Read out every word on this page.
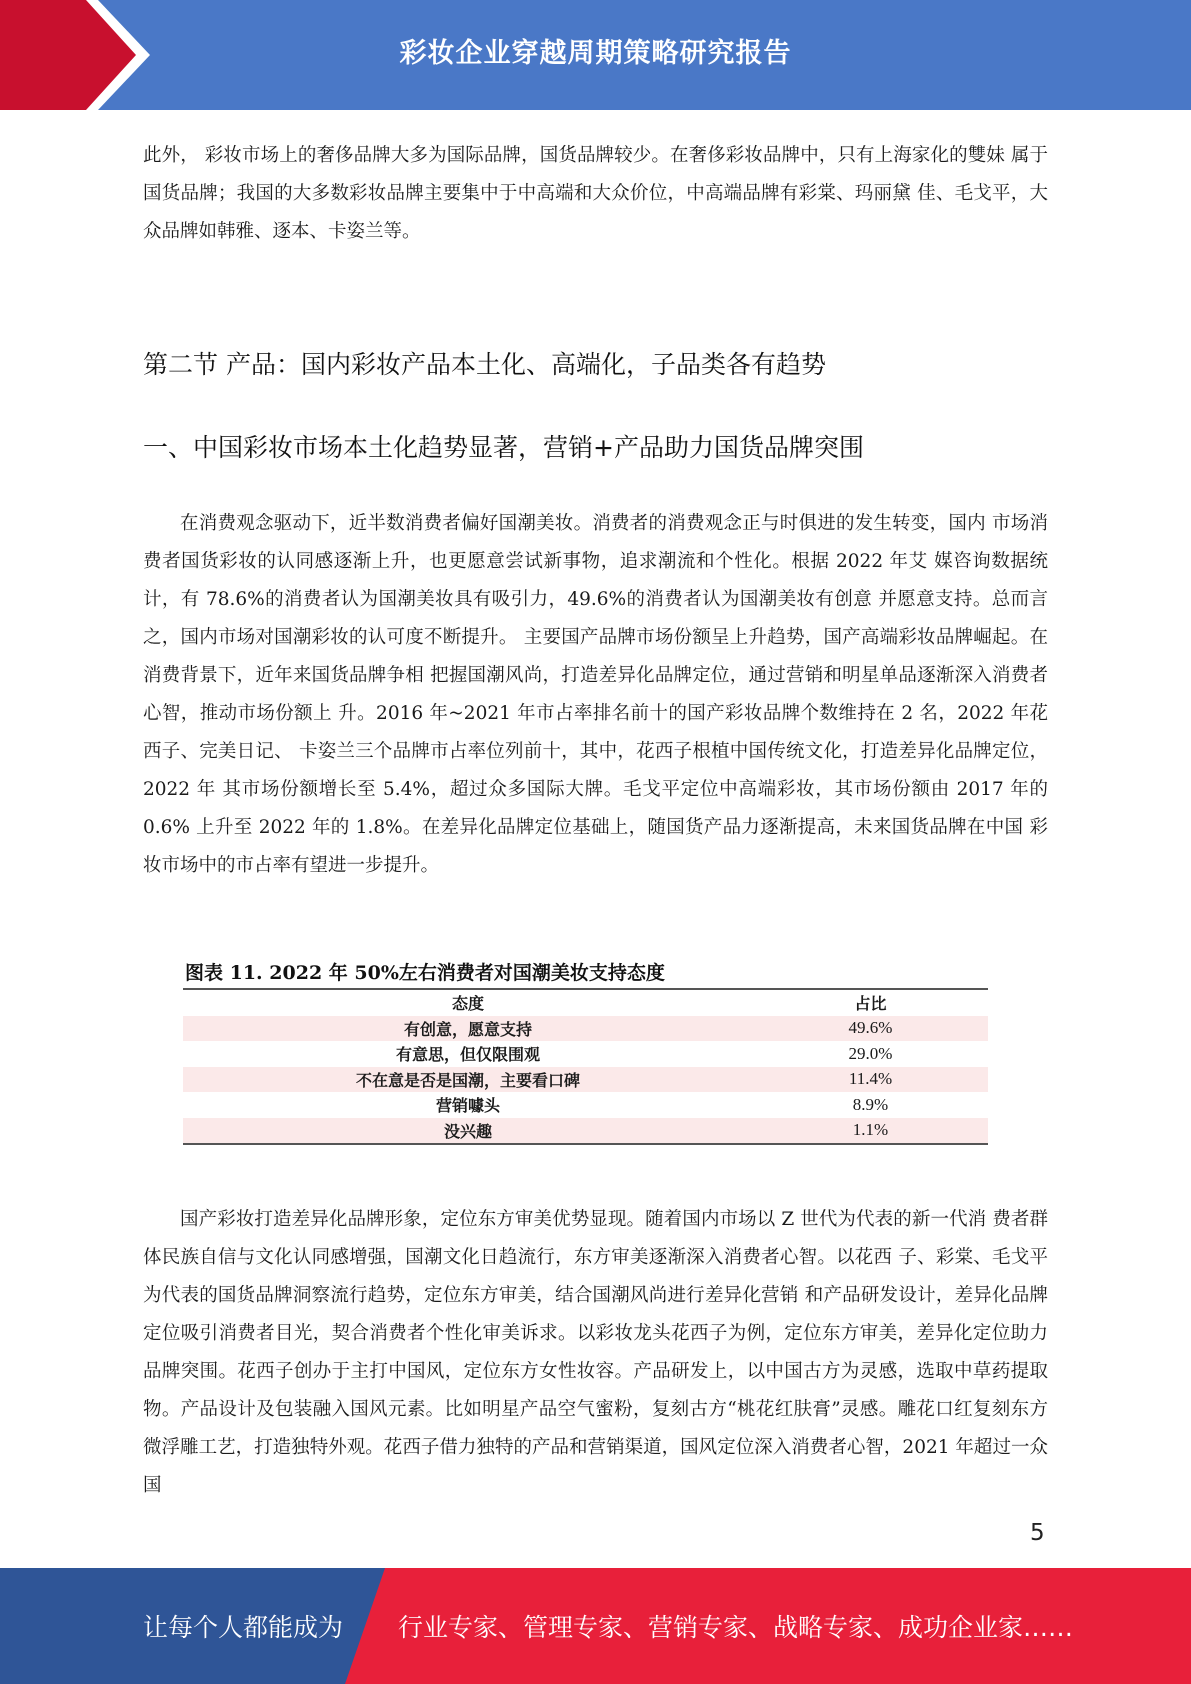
彩妆企业穿越周期策略研究报告

此外， 彩妆市场上的奢侈品牌大多为国际品牌，国货品牌较少。在奢侈彩妆品牌中，只有上海家化的雙妹 属于国货品牌；我国的大多数彩妆品牌主要集中于中高端和大众价位，中高端品牌有彩棠、玛丽黛 佳、毛戈平，大众品牌如韩雅、逐本、卡姿兰等。

第二节 产品：国内彩妆产品本土化、高端化，子品类各有趋势
一、中国彩妆市场本土化趋势显著，营销+产品助力国货品牌突围

在消费观念驱动下，近半数消费者偏好国潮美妆。消费者的消费观念正与时俱进的发生转变，国内 市场消费者国货彩妆的认同感逐渐上升，也更愿意尝试新事物，追求潮流和个性化。根据 2022 年艾 媒咨询数据统计，有 78.6%的消费者认为国潮美妆具有吸引力，49.6%的消费者认为国潮美妆有创意 并愿意支持。总而言之，国内市场对国潮彩妆的认可度不断提升。 主要国产品牌市场份额呈上升趋势，国产高端彩妆品牌崛起。在消费背景下，近年来国货品牌争相 把握国潮风尚，打造差异化品牌定位，通过营销和明星单品逐渐深入消费者心智，推动市场份额上 升。2016 年~2021 年市占率排名前十的国产彩妆品牌个数维持在 2 名，2022 年花西子、完美日记、 卡姿兰三个品牌市占率位列前十，其中，花西子根植中国传统文化，打造差异化品牌定位，2022 年 其市场份额增长至 5.4%，超过众多国际大牌。毛戈平定位中高端彩妆，其市场份额由 2017 年的 0.6% 上升至 2022 年的 1.8%。在差异化品牌定位基础上，随国货产品力逐渐提高，未来国货品牌在中国 彩妆市场中的市占率有望进一步提升。

图表 11. 2022 年 50%左右消费者对国潮美妆支持态度

态度	占比
有创意，愿意支持	49.6%
有意思，但仅限围观	29.0%
不在意是否是国潮，主要看口碑	11.4%
营销噱头	8.9%
没兴趣	1.1%

国产彩妆打造差异化品牌形象，定位东方审美优势显现。随着国内市场以 Z 世代为代表的新一代消 费者群体民族自信与文化认同感增强，国潮文化日趋流行，东方审美逐渐深入消费者心智。以花西 子、彩棠、毛戈平为代表的国货品牌洞察流行趋势，定位东方审美，结合国潮风尚进行差异化营销 和产品研发设计，差异化品牌定位吸引消费者目光，契合消费者个性化审美诉求。以彩妆龙头花西子为例，定位东方审美，差异化定位助力品牌突围。花西子创办于主打中国风，定位东方女性妆容。产品研发上，以中国古方为灵感，选取中草药提取物。产品设计及包装融入国风元素。比如明星产品空气蜜粉，复刻古方“桃花红肤膏”灵感。雕花口红复刻东方微浮雕工艺，打造独特外观。花西子借力独特的产品和营销渠道，国风定位深入消费者心智，2021 年超过一众国

5
让每个人都能成为 行业专家、管理专家、营销专家、战略专家、成功企业家……
